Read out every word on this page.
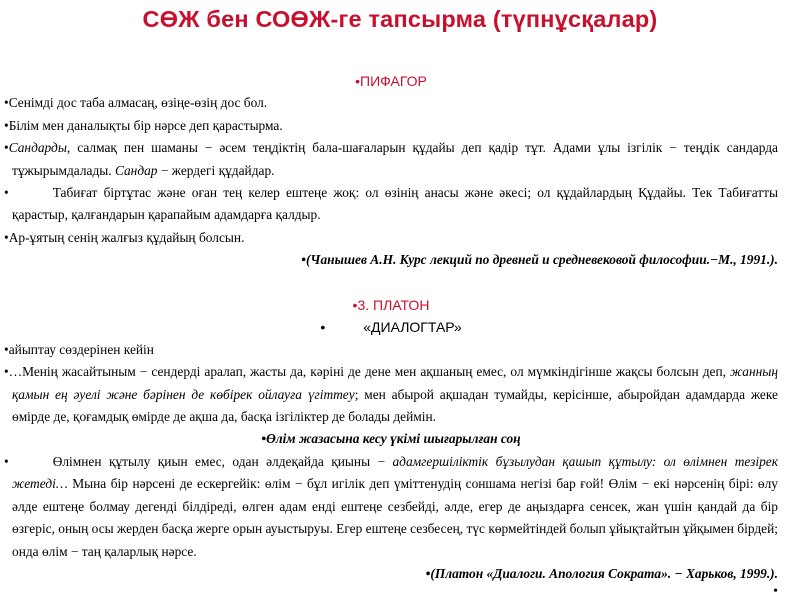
СӨЖ бен СОӨЖ-ге тапсырма (түпнұсқалар)

•ПИФАГОР

•Сенімді дос таба алмасаң, өзіңе-өзің дос бол.

•Білім мен даналықты бір нәрсе деп қарастырма.

•Сандарды, салмақ пен шаманы − әсем теңдіктің бала-шағаларын құдайы деп қадір тұт. Адами ұлы ізгілік − теңдік сандарда тұжырымдалады. Сандар − жердегі құдайдар.

•	Табиғат біртұтас және оған тең келер ештеңе жоқ: ол өзінің анасы және әкесі; ол құдайлардың Құдайы. Тек Табиғатты қарастыр, қалғандарын қарапайым адамдарға қалдыр.

•Ар-ұятың сенің жалғыз құдайың болсын.

•(Чанышев А.Н. Курс лекций по древней и средневековой философии.−М., 1991.).

•3. ПЛАТОН

•	«ДИАЛОГТАР»

•айыптау сөздерінен кейін

•…Менің жасайтыным − сендерді аралап, жасты да, кәріні де дене мен ақшаның емес, ол мүмкіндігінше жақсы болсын деп, жанның қамын ең әуелі және бәрінен де көбірек ойлауға үгіттеу; мен абырой ақшадан тумайды, керісінше, абыройдан адамдарда жеке өмірде де, қоғамдық өмірде де ақша да, басқа ізгіліктер де болады деймін.

•Өлім жазасына кесу үкімі шығарылған соң

•	Өлімнен құтылу қиын емес, одан әлдеқайда қиыны − адамгершіліктік бұзылудан қашып құтылу: ол өлімнен тезірек жетеді… Мына бір нәрсені де ескергейік: өлім − бұл игілік деп үміттенудің соншама негізі бар ғой! Өлім − екі нәрсенің бірі: өлу әлде ештеңе болмау дегенді білдіреді, өлген адам енді ештеңе сезбейді, әлде, егер де аңыздарға сенсек, жан үшін қандай да бір өзгеріс, оның осы жерден басқа жерге орын ауыстыруы. Егер ештеңе сезбесең, түс көрмейтіндей болып ұйықтайтын ұйқымен бірдей; онда өлім − таң қаларлық нәрсе.

•(Платон «Диалоги. Апология Сократа». − Харьков, 1999.).

•
